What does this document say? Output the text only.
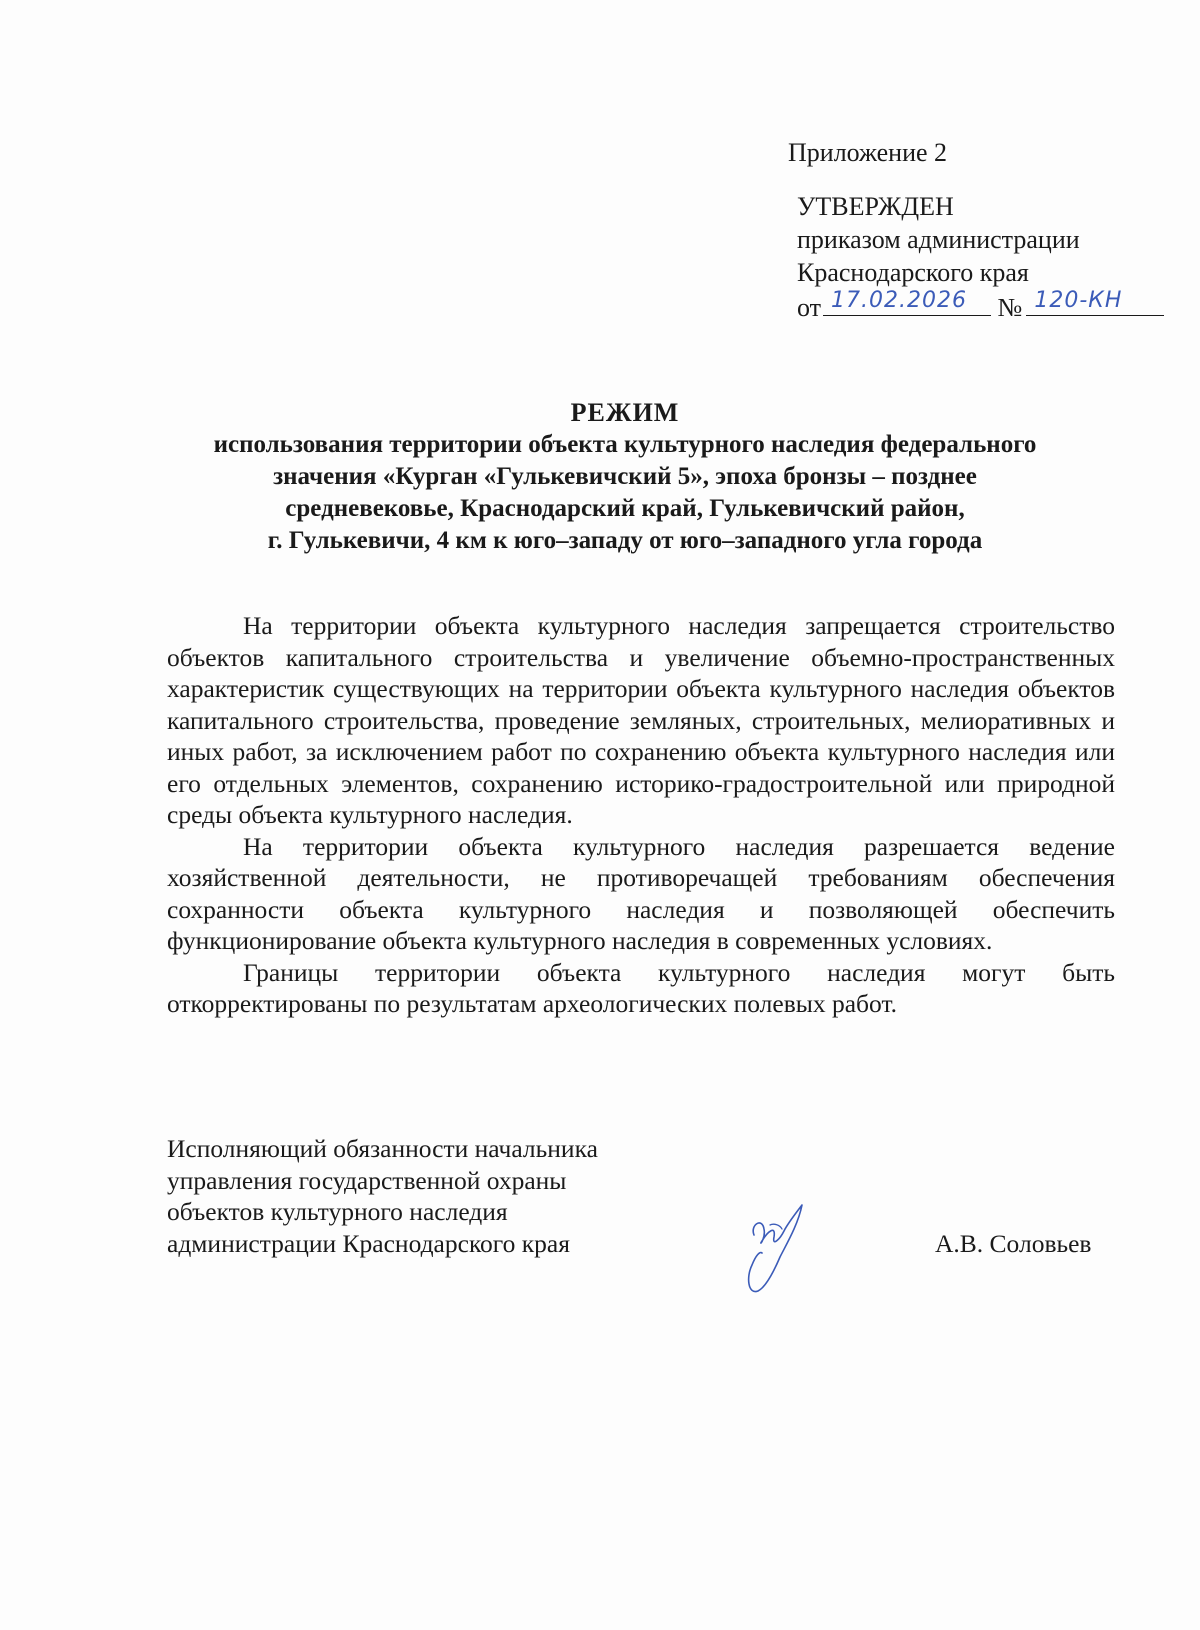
Приложение 2
УТВЕРЖДЕН
приказом администрации
Краснодарского края
от 17.02.2026 № 120-КН
РЕЖИМ
использования территории объекта культурного наследия федерального
значения «Курган «Гулькевичский 5», эпоха бронзы – позднее
средневековье, Краснодарский край, Гулькевичский район,
г. Гулькевичи, 4 км к юго–западу от юго–западного угла города

На территории объекта культурного наследия запрещается строительство объектов капитального строительства и увеличение объемно-пространственных характеристик существующих на территории объекта культурного наследия объектов капитального строительства, проведение земляных, строительных, мелиоративных и иных работ, за исключением работ по сохранению объекта культурного наследия или его отдельных элементов, сохранению историко-градостроительной или природной среды объекта культурного наследия.

На территории объекта культурного наследия разрешается ведение хозяйственной деятельности, не противоречащей требованиям обеспечения сохранности объекта культурного наследия и позволяющей обеспечить функционирование объекта культурного наследия в современных условиях.

Границы территории объекта культурного наследия могут быть откорректированы по результатам археологических полевых работ.

Исполняющий обязанности начальника
управления государственной охраны
объектов культурного наследия
администрации Краснодарского края	А.В. Соловьев
